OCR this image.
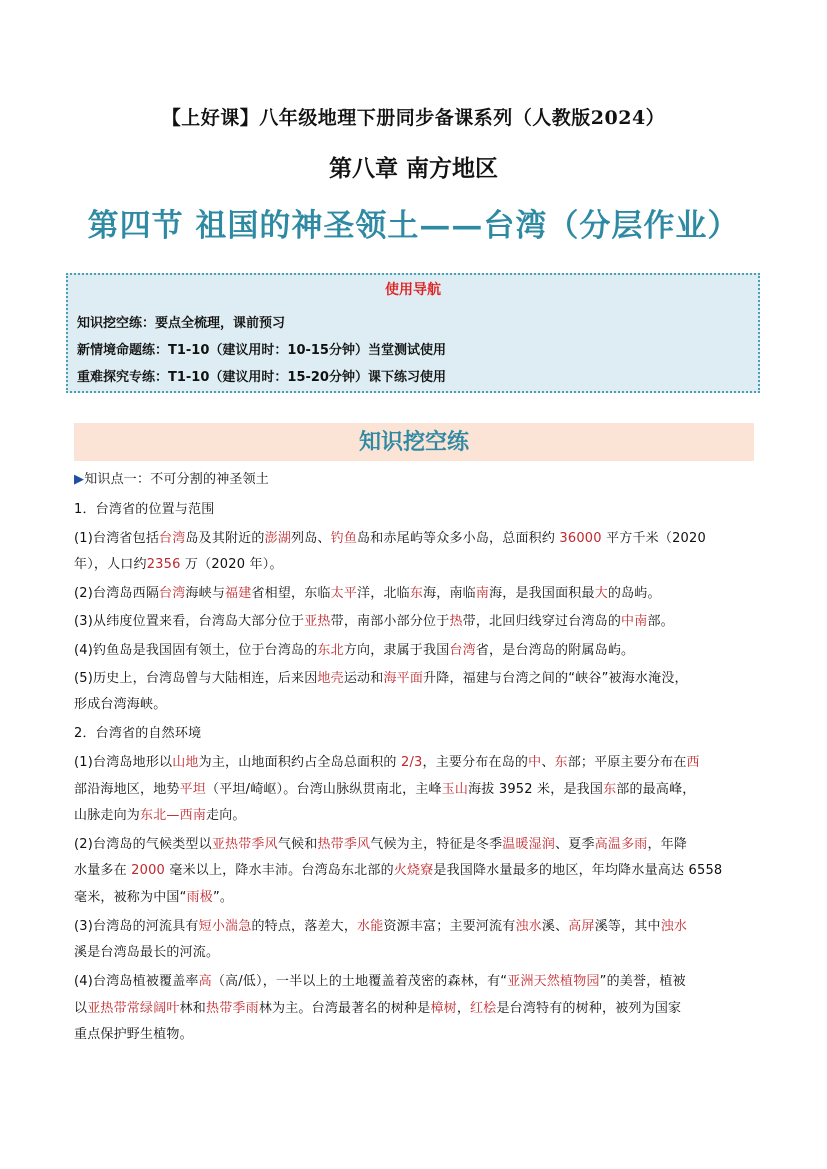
【上好课】八年级地理下册同步备课系列（人教版2024）
第八章 南方地区
第四节 祖国的神圣领土——台湾（分层作业）
使用导航
知识挖空练：要点全梳理，课前预习
新情境命题练：T1-10（建议用时：10-15分钟）当堂测试使用
重难探究专练：T1-10（建议用时：15-20分钟）课下练习使用
知识挖空练
▶知识点一：不可分割的神圣领土
1．台湾省的位置与范围
(1)台湾省包括台湾岛及其附近的澎湖列岛、钓鱼岛和赤尾屿等众多小岛，总面积约 36000 平方千米（2020
年），人口约2356 万（2020 年）。
(2)台湾岛西隔台湾海峡与福建省相望，东临太平洋，北临东海，南临南海，是我国面积最大的岛屿。
(3)从纬度位置来看，台湾岛大部分位于亚热带，南部小部分位于热带，北回归线穿过台湾岛的中南部。
(4)钓鱼岛是我国固有领土，位于台湾岛的东北方向，隶属于我国台湾省，是台湾岛的附属岛屿。
(5)历史上，台湾岛曾与大陆相连，后来因地壳运动和海平面升降，福建与台湾之间的“峡谷”被海水淹没，
形成台湾海峡。
2．台湾省的自然环境
(1)台湾岛地形以山地为主，山地面积约占全岛总面积的 2/3，主要分布在岛的中、东部；平原主要分布在西
部沿海地区，地势平坦（平坦/崎岖）。台湾山脉纵贯南北，主峰玉山海拔 3952 米，是我国东部的最高峰，
山脉走向为东北—西南走向。
(2)台湾岛的气候类型以亚热带季风气候和热带季风气候为主，特征是冬季温暖湿润、夏季高温多雨，年降
水量多在 2000 毫米以上，降水丰沛。台湾岛东北部的火烧寮是我国降水量最多的地区，年均降水量高达 6558
毫米，被称为中国“雨极”。
(3)台湾岛的河流具有短小湍急的特点，落差大，水能资源丰富；主要河流有浊水溪、高屏溪等，其中浊水
溪是台湾岛最长的河流。
(4)台湾岛植被覆盖率高（高/低），一半以上的土地覆盖着茂密的森林，有“亚洲天然植物园”的美誉，植被
以亚热带常绿阔叶林和热带季雨林为主。台湾最著名的树种是樟树，红桧是台湾特有的树种，被列为国家
重点保护野生植物。
